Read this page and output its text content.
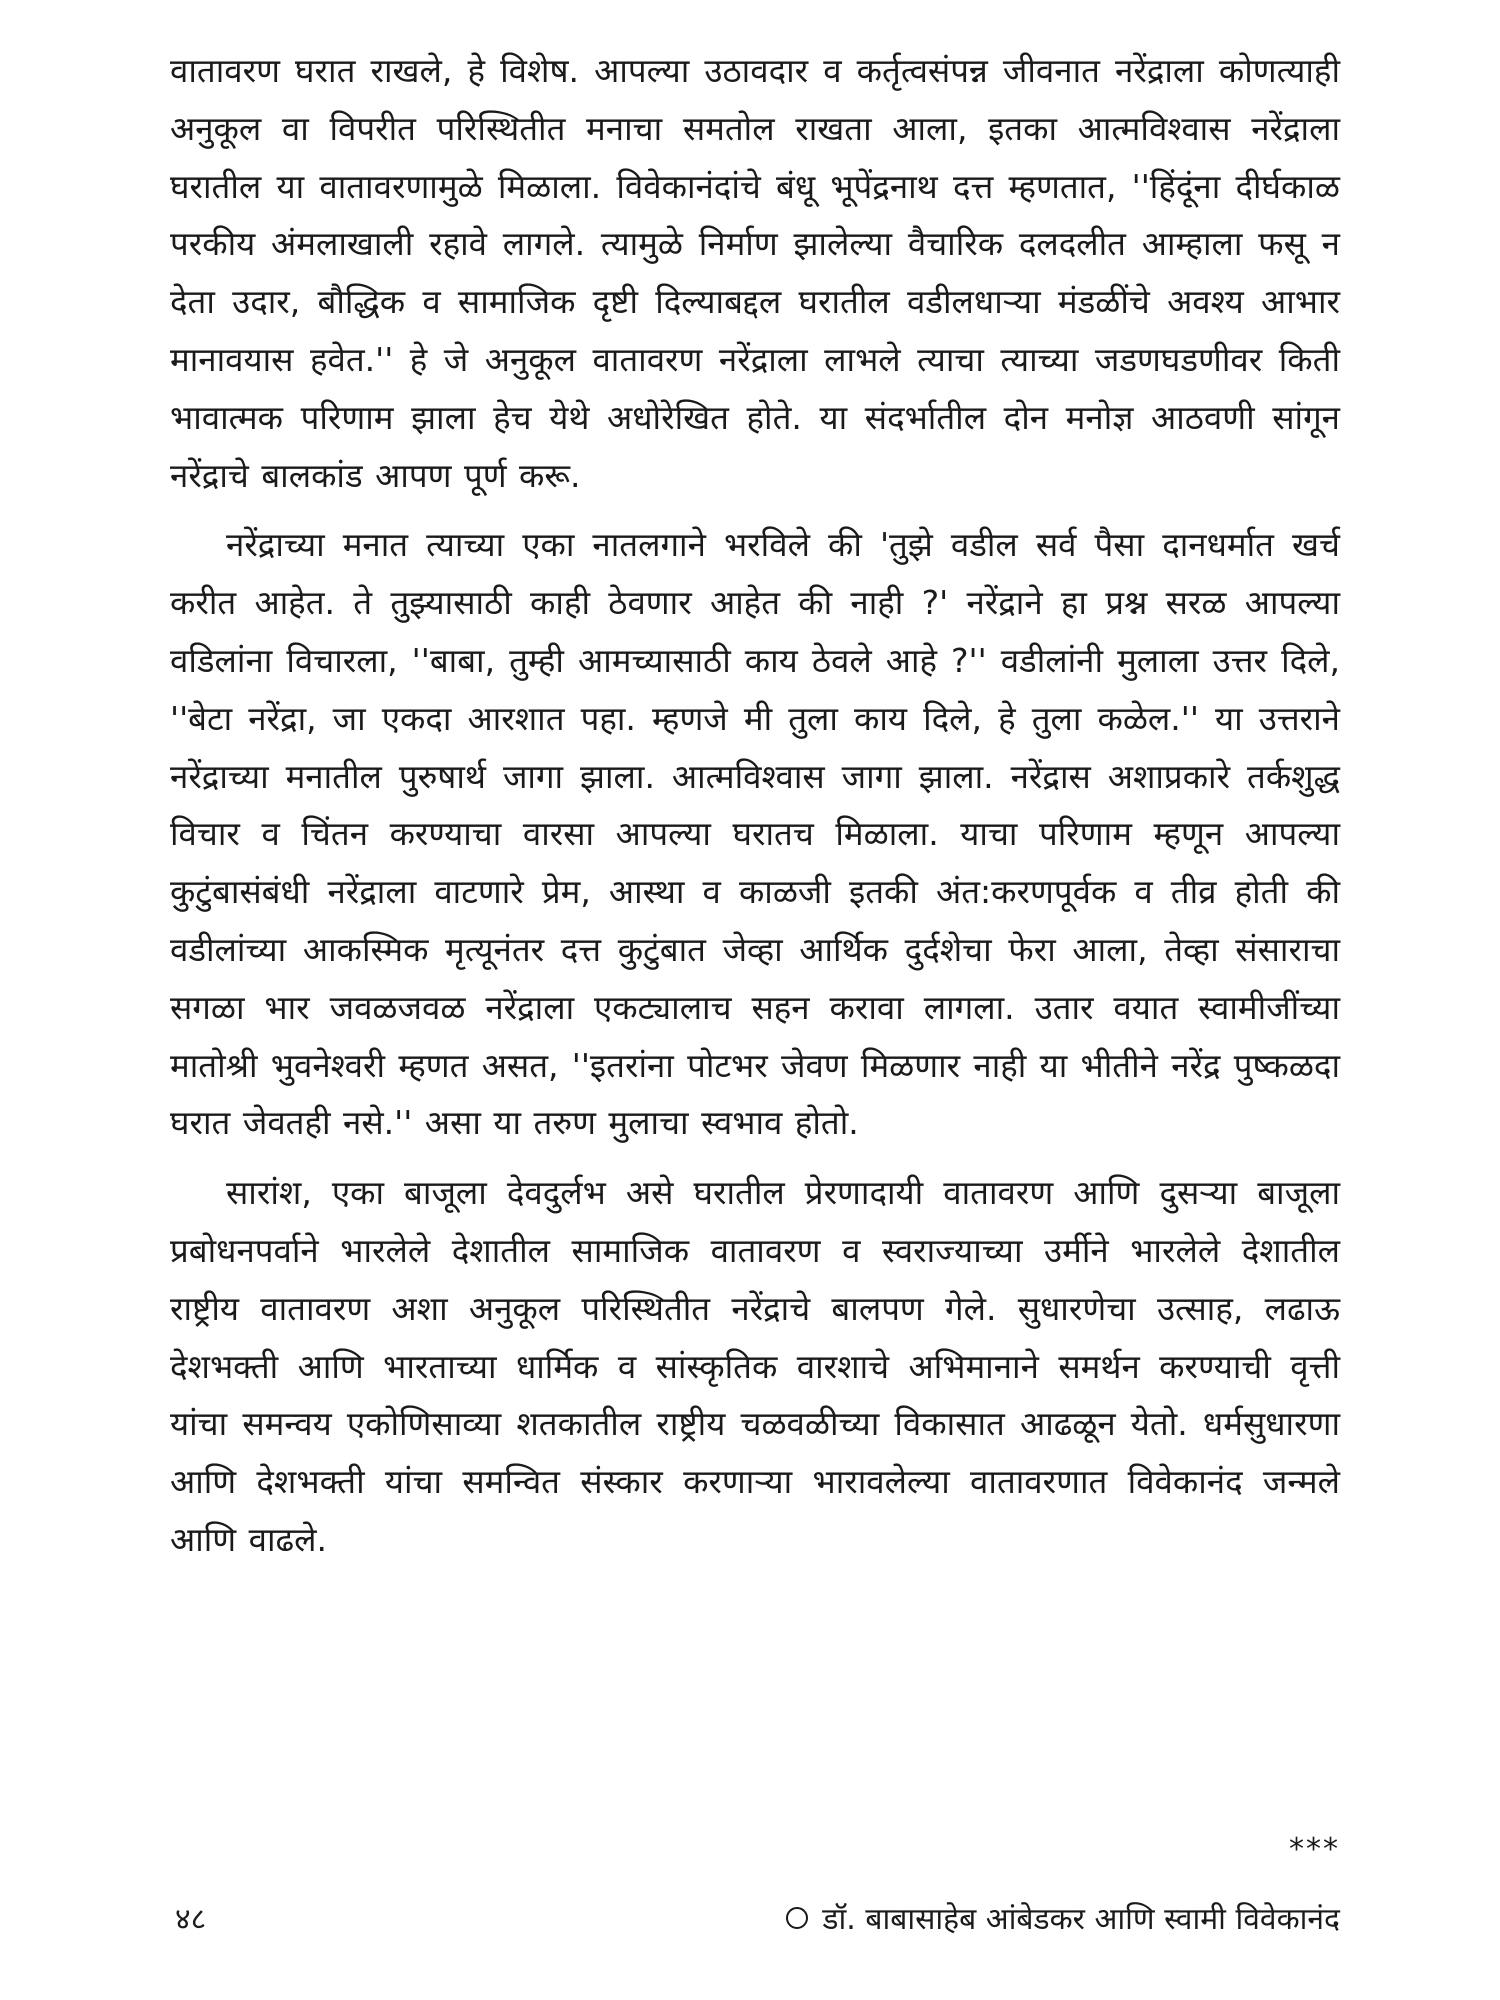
वातावरण घरात राखले, हे विशेष. आपल्या उठावदार व कर्तृत्वसंपन्न जीवनात नरेंद्राला कोणत्याही अनुकूल वा विपरीत परिस्थितीत मनाचा समतोल राखता आला, इतका आत्मविश्वास नरेंद्राला घरातील या वातावरणामुळे मिळाला. विवेकानंदांचे बंधू भूपेंद्रनाथ दत्त म्हणतात, ''हिंदूंना दीर्घकाळ परकीय अंमलाखाली रहावे लागले. त्यामुळे निर्माण झालेल्या वैचारिक दलदलीत आम्हाला फसू न देता उदार, बौद्धिक व सामाजिक दृष्टी दिल्याबद्दल घरातील वडीलधाऱ्या मंडळींचे अवश्य आभार मानावयास हवेत.'' हे जे अनुकूल वातावरण नरेंद्राला लाभले त्याचा त्याच्या जडणघडणीवर किती भावात्मक परिणाम झाला हेच येथे अधोरेखित होते. या संदर्भातील दोन मनोज्ञ आठवणी सांगून नरेंद्राचे बालकांड आपण पूर्ण करू.

नरेंद्राच्या मनात त्याच्या एका नातलगाने भरविले की 'तुझे वडील सर्व पैसा दानधर्मात खर्च करीत आहेत. ते तुझ्यासाठी काही ठेवणार आहेत की नाही ?' नरेंद्राने हा प्रश्न सरळ आपल्या वडिलांना विचारला, ''बाबा, तुम्ही आमच्यासाठी काय ठेवले आहे ?'' वडीलांनी मुलाला उत्तर दिले, ''बेटा नरेंद्रा, जा एकदा आरशात पहा. म्हणजे मी तुला काय दिले, हे तुला कळेल.'' या उत्तराने नरेंद्राच्या मनातील पुरुषार्थ जागा झाला. आत्मविश्वास जागा झाला. नरेंद्रास अशाप्रकारे तर्कशुद्ध विचार व चिंतन करण्याचा वारसा आपल्या घरातच मिळाला. याचा परिणाम म्हणून आपल्या कुटुंबासंबंधी नरेंद्राला वाटणारे प्रेम, आस्था व काळजी इतकी अंत:करणपूर्वक व तीव्र होती की वडीलांच्या आकस्मिक मृत्यूनंतर दत्त कुटुंबात जेव्हा आर्थिक दुर्दशेचा फेरा आला, तेव्हा संसाराचा सगळा भार जवळजवळ नरेंद्राला एकट्यालाच सहन करावा लागला. उतार वयात स्वामीजींच्या मातोश्री भुवनेश्वरी म्हणत असत, ''इतरांना पोटभर जेवण मिळणार नाही या भीतीने नरेंद्र पुष्कळदा घरात जेवतही नसे.'' असा या तरुण मुलाचा स्वभाव होतो.

सारांश, एका बाजूला देवदुर्लभ असे घरातील प्रेरणादायी वातावरण आणि दुसऱ्या बाजूला प्रबोधनपर्वाने भारलेले देशातील सामाजिक वातावरण व स्वराज्याच्या उर्मीने भारलेले देशातील राष्ट्रीय वातावरण अशा अनुकूल परिस्थितीत नरेंद्राचे बालपण गेले. सुधारणेचा उत्साह, लढाऊ देशभक्ती आणि भारताच्या धार्मिक व सांस्कृतिक वारशाचे अभिमानाने समर्थन करण्याची वृत्ती यांचा समन्वय एकोणिसाव्या शतकातील राष्ट्रीय चळवळीच्या विकासात आढळून येतो. धर्मसुधारणा आणि देशभक्ती यांचा समन्वित संस्कार करणाऱ्या भारावलेल्या वातावरणात विवेकानंद जन्मले आणि वाढले.

***
४८	डॉ. बाबासाहेब आंबेडकर आणि स्वामी विवेकानंद
